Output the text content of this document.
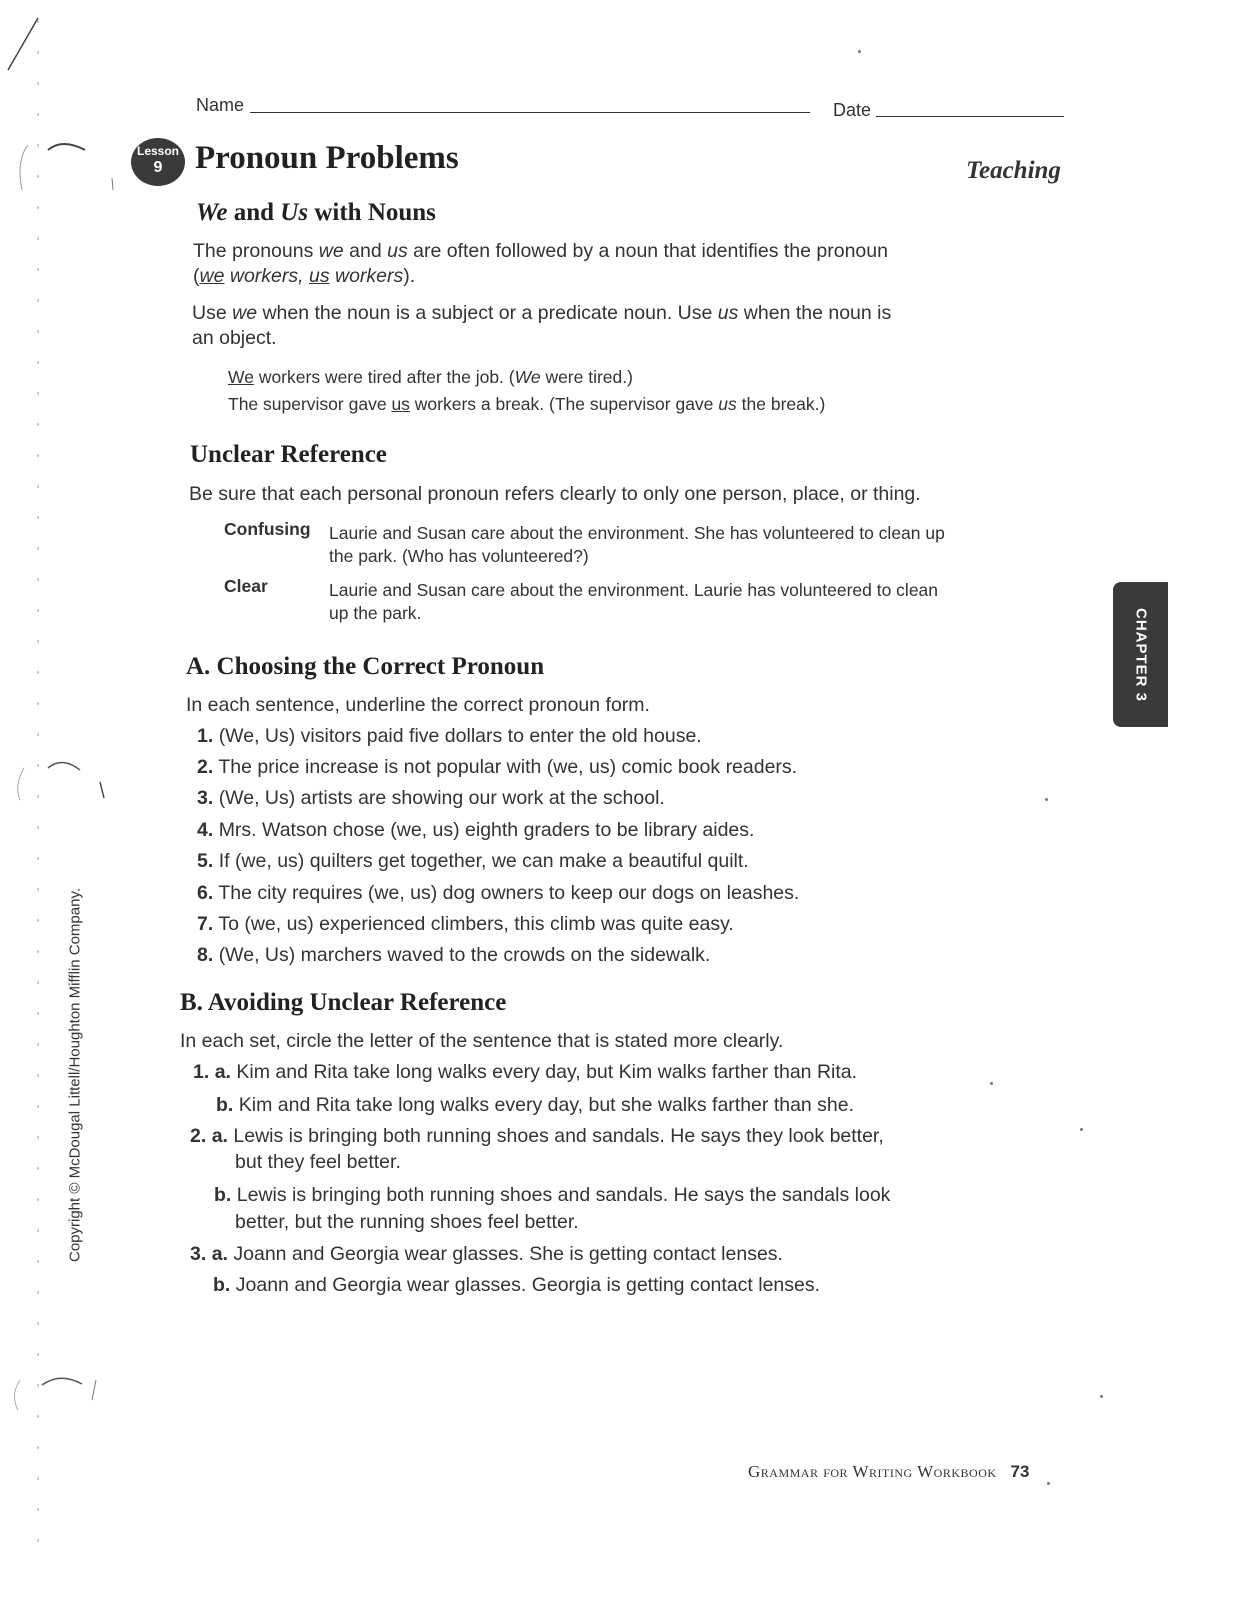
Name	Date
Lesson
9 Pronoun Problems	Teaching
We and Us with Nouns
The pronouns we and us are often followed by a noun that identifies the pronoun
(we workers, us workers).
Use we when the noun is a subject or a predicate noun. Use us when the noun is
an object.
We workers were tired after the job. (We were tired.)
The supervisor gave us workers a break. (The supervisor gave us the break.)
Unclear Reference
Be sure that each personal pronoun refers clearly to only one person, place, or thing.
Confusing Laurie and Susan care about the environment. She has volunteered to clean up
the park. (Who has volunteered?)
Clear	Laurie and Susan care about the environment. Laurie has volunteered to clean
up the park.
A. Choosing the Correct Pronoun
In each sentence, underline the correct pronoun form.
1. (We, Us) visitors paid five dollars to enter the old house.
2. The price increase is not popular with (we, us) comic book readers.
3. (We, Us) artists are showing our work at the school.
4. Mrs. Watson chose (we, us) eighth graders to be library aides.
5. If (we, us) quilters get together, we can make a beautiful quilt.
6. The city requires (we, us) dog owners to keep our dogs on leashes.
7. To (we, us) experienced climbers, this climb was quite easy.
8. (We, Us) marchers waved to the crowds on the sidewalk.
B. Avoiding Unclear Reference
In each set, circle the letter of the sentence that is stated more clearly.
1. a. Kim and Rita take long walks every day, but Kim walks farther than Rita.
b. Kim and Rita take long walks every day, but she walks farther than she.
2. a. Lewis is bringing both running shoes and sandals. He says they look better,
but they feel better.
b. Lewis is bringing both running shoes and sandals. He says the sandals look
better, but the running shoes feel better.
3. a. Joann and Georgia wear glasses. She is getting contact lenses.
b. Joann and Georgia wear glasses. Georgia is getting contact lenses.
CHAPTER 3
Copyright © McDougal Littell/Houghton Mifflin Company.
Grammar for Writing Workbook 73
